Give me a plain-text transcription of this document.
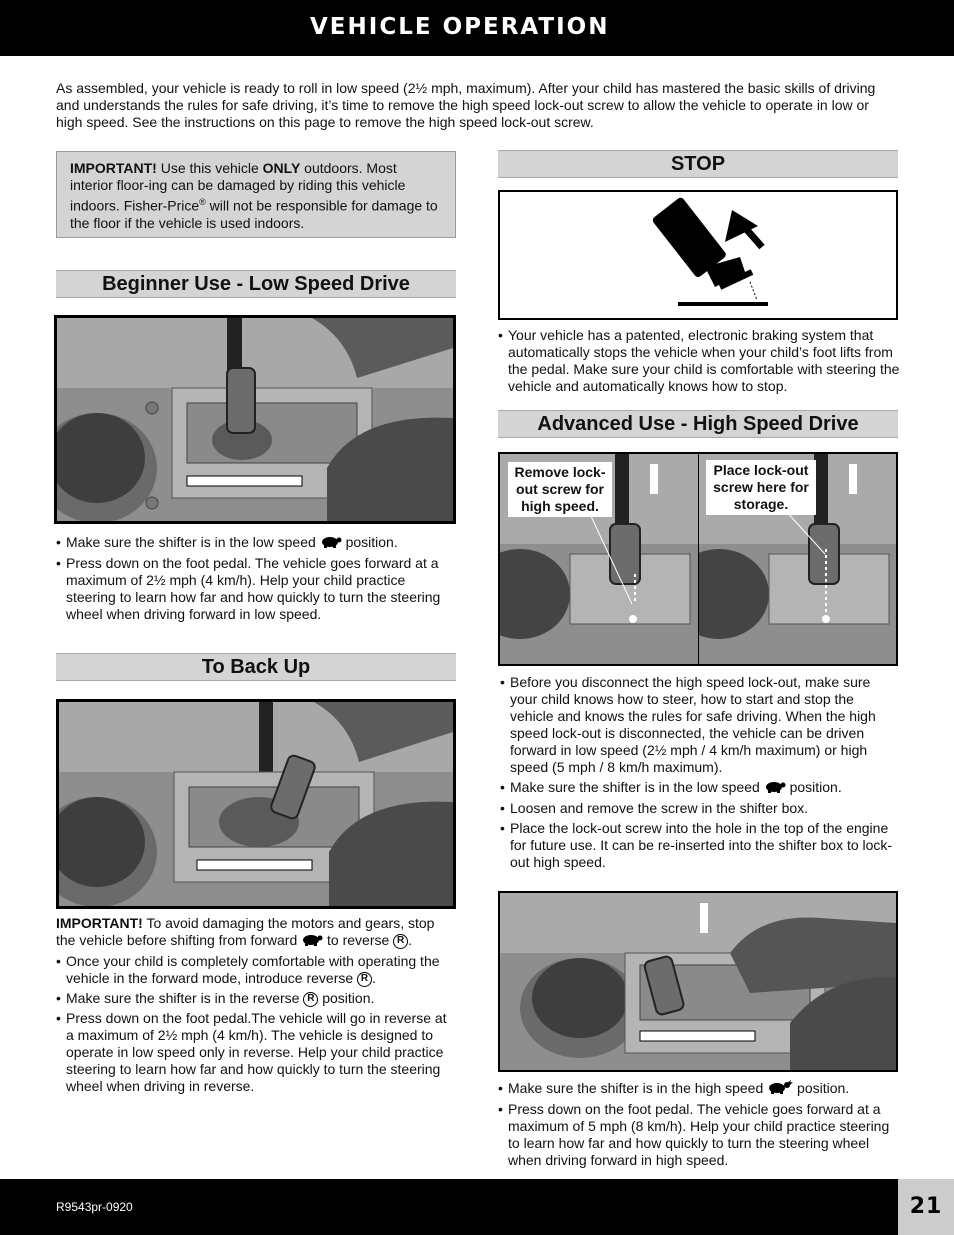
VEHICLE OPERATION

As assembled, your vehicle is ready to roll in low speed (2½ mph, maximum). After your child has mastered the basic skills of driving and understands the rules for safe driving, it’s time to remove the high speed lock-out screw to allow the vehicle to operate in low or high speed. See the instructions on this page to remove the high speed lock-out screw.

IMPORTANT! Use this vehicle ONLY outdoors. Most interior floor-ing can be damaged by riding this vehicle indoors. Fisher-Price® will not be responsible for damage to the floor if the vehicle is used indoors.
Beginner Use - Low Speed Drive
• Make sure the shifter is in the low speed position.
• Press down on the foot pedal. The vehicle goes forward at a maximum of 2½ mph (4 km/h). Help your child practice steering to learn how far and how quickly to turn the steering wheel when driving forward in low speed.
To Back Up
IMPORTANT! To avoid damaging the motors and gears, stop the vehicle before shifting from forward to reverse R .
• Once your child is completely comfortable with operating the vehicle in the forward mode, introduce reverse R .
• Make sure the shifter is in the reverse R position.
• Press down on the foot pedal.The vehicle will go in reverse at a maximum of 2½ mph (4 km/h). The vehicle is designed to operate in low speed only in reverse. Help your child practice steering to learn how far and how quickly to turn the steering wheel when driving in reverse.
STOP
• Your vehicle has a patented, electronic braking system that automatically stops the vehicle when your child’s foot lifts from the pedal. Make sure your child is comfortable with steering the vehicle and automatically knows how to stop.
Advanced Use - High Speed Drive
Remove lock-out screw for high speed.
Place lock-out screw here for storage.
• Before you disconnect the high speed lock-out, make sure your child knows how to steer, how to start and stop the vehicle and knows the rules for safe driving. When the high speed lock-out is disconnected, the vehicle can be driven forward in low speed (2½ mph / 4 km/h maximum) or high speed (5 mph / 8 km/h maximum).
• Make sure the shifter is in the low speed position.
• Loosen and remove the screw in the shifter box.
• Place the lock-out screw into the hole in the top of the engine for future use. It can be re-inserted into the shifter box to lock-out high speed.
• Make sure the shifter is in the high speed position.
• Press down on the foot pedal. The vehicle goes forward at a maximum of 5 mph (8 km/h). Help your child practice steering to learn how far and how quickly to turn the steering wheel when driving forward in high speed.
R9543pr-0920	21
